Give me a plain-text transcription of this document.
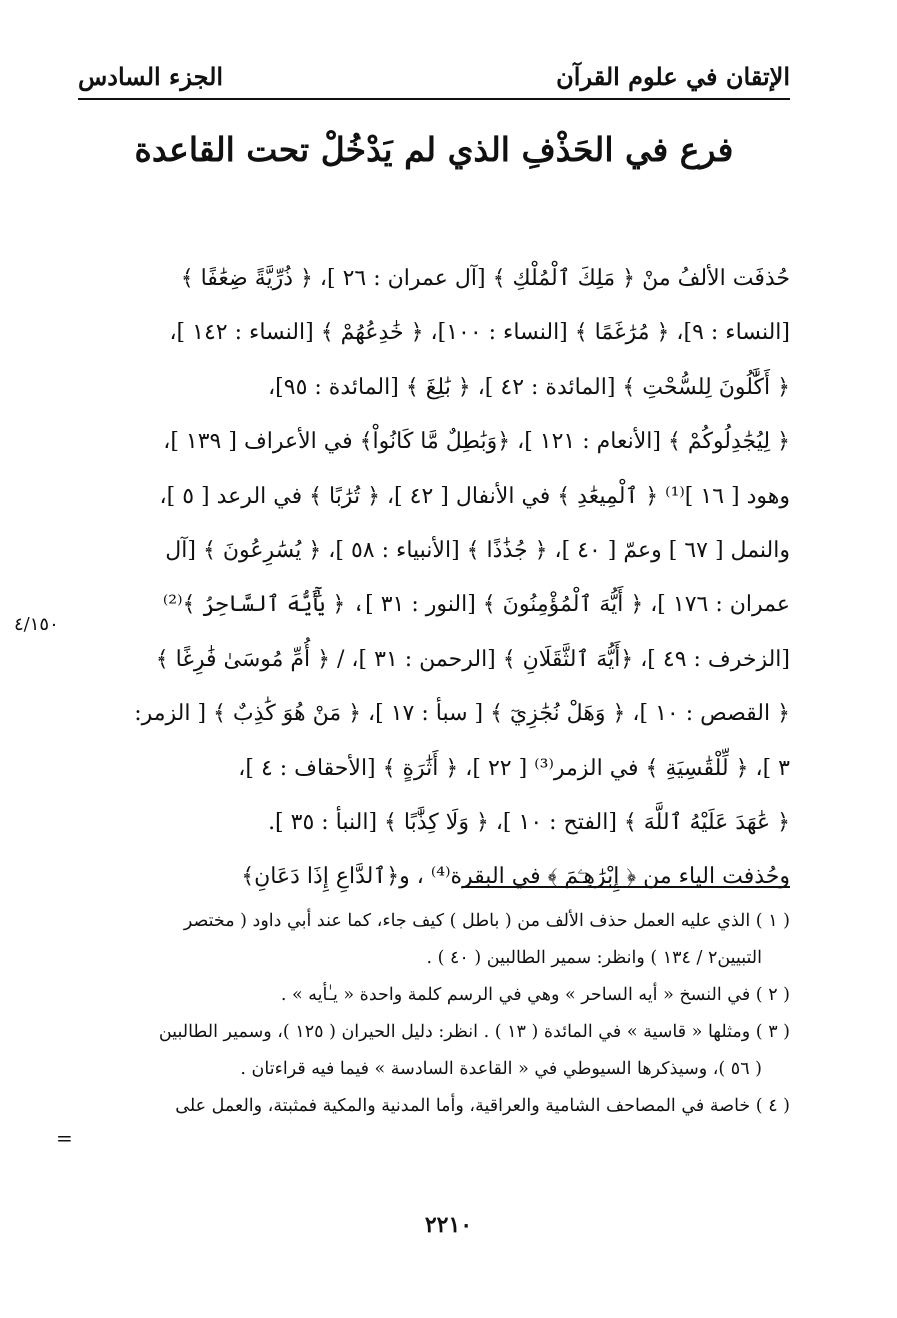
الإتقان في علوم القرآن
الجزء السادس
فرع في الحَذْفِ الذي لم يَدْخُلْ تحت القاعدة
حُذفَت الألفُ منْ ﴿ مَلِكَ ٱلْمُلْكِ ﴾ [آل عمران : ٢٦ ]، ﴿ ذُرِّيَّةً ضِعَٰفًا ﴾
[النساء : ٩]، ﴿ مُرَٰغَمًا ﴾ [النساء : ١٠٠]، ﴿ خَٰدِعُهُمْ ﴾ [النساء : ١٤٢ ]،
﴿ أَكَّٰلُونَ لِلسُّحْتِ ﴾ [المائدة : ٤٢ ]، ﴿ بَٰلِغَ ﴾ [المائدة : ٩٥]،
﴿ لِيُجَٰدِلُوكُمْ ﴾ [الأنعام : ١٢١ ]، ﴿وَبَٰطِلٌ مَّا كَانُواْ﴾ في الأعراف [ ١٣٩ ]،
وهود [ ١٦ ]⁽¹⁾ ﴿ ٱلْمِيعَٰدِ ﴾ في الأنفال [ ٤٢ ]، ﴿ تُرَٰبًا ﴾ في الرعد [ ٥ ]،
والنمل [ ٦٧ ] وعمّ [ ٤٠ ]، ﴿ جُذَٰذًا ﴾ [الأنبياء : ٥٨ ]، ﴿ يُسَٰرِعُونَ ﴾ [آل
عمران : ١٧٦ ]، ﴿ أَيُّهَ ٱلْمُؤْمِنُونَ ﴾ [النور : ٣١ ]، ﴿ يَٰٓأَيُّهَ ٱلسَّاحِرُ ﴾⁽²⁾
[الزخرف : ٤٩ ]، ﴿أَيُّهَ ٱلثَّقَلَانِ ﴾ [الرحمن : ٣١ ]، / ﴿ أُمِّ مُوسَىٰ فَٰرِغًا ﴾
﴿ القصص : ١٠ ]، ﴿ وَهَلْ نُجَٰزِيٓ ﴾ [ سبأ : ١٧ ]، ﴿ مَنْ هُوَ كَٰذِبٌ ﴾ [ الزمر:
٣ ]، ﴿ لِّلْقَٰسِيَةِ ﴾ في الزمر⁽³⁾ [ ٢٢ ]، ﴿ أَثَٰرَةٍ ﴾ [الأحقاف : ٤ ]،
﴿ عَٰهَدَ عَلَيْهُ ٱللَّهَ ﴾ [الفتح : ١٠ ]، ﴿ وَلَا كِذَّٰبًا ﴾ [النبأ : ٣٥ ].
وحُذفت الياء من ﴿ إِبْرَٰهِـۧمَ ﴾ في البقرة⁽⁴⁾ ، و﴿ٱلدَّاعِ إِذَا دَعَانِ﴾
٤/١٥٠
( ١ ) الذي عليه العمل حذف الألف من ( باطل ) كيف جاء، كما عند أبي داود ( مختصر
التبيين٢ / ١٣٤ ) وانظر: سمير الطالبين ( ٤٠ ) .
( ٢ ) في النسخ « أيه الساحر » وهي في الرسم كلمة واحدة « يـٰأيه » .
( ٣ ) ومثلها « قاسية » في المائدة ( ١٣ ) . انظر: دليل الحيران ( ١٢٥ )، وسمير الطالبين
( ٥٦ )، وسيذكرها السيوطي في « القاعدة السادسة » فيما فيه قراءتان .
( ٤ ) خاصة في المصاحف الشامية والعراقية، وأما المدنية والمكية فمثبتة، والعمل على
=
٢٢١٠
